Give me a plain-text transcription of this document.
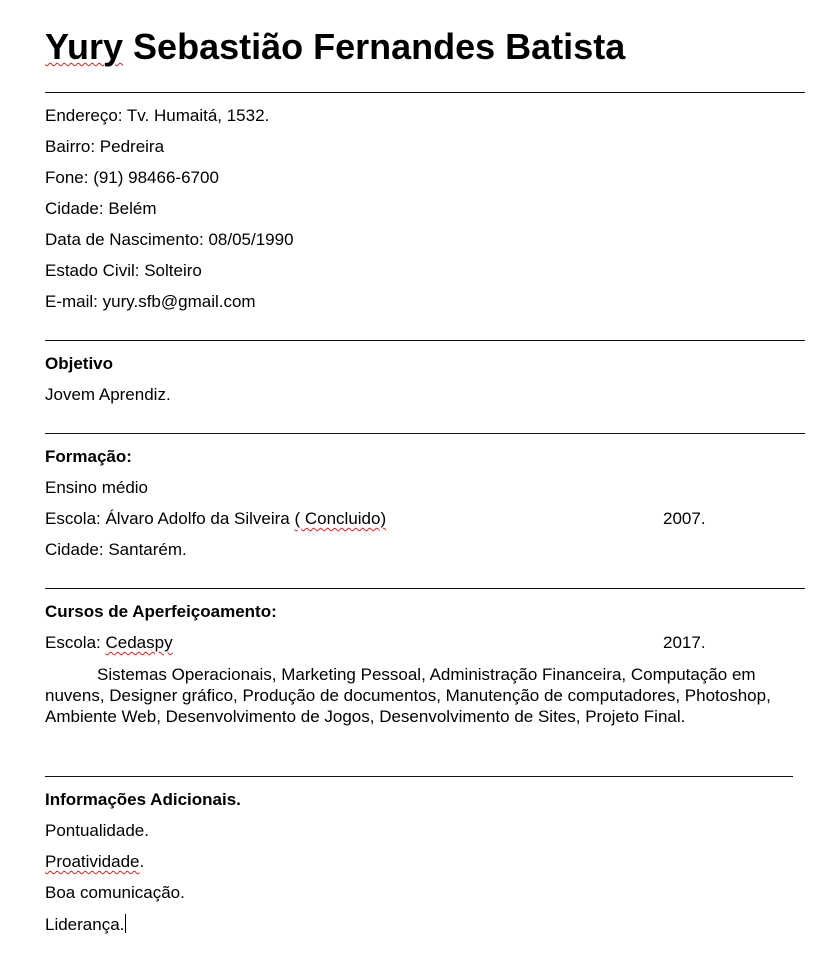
Yury Sebastião Fernandes Batista
Endereço: Tv. Humaitá, 1532.
Bairro: Pedreira
Fone: (91) 98466-6700
Cidade: Belém
Data de Nascimento: 08/05/1990
Estado Civil: Solteiro
E-mail: yury.sfb@gmail.com
Objetivo
Jovem Aprendiz.
Formação:
Ensino médio
Escola: Álvaro Adolfo da Silveira ( Concluido)	2007.
Cidade: Santarém.
Cursos de Aperfeiçoamento:
Escola: Cedaspy	2017.
Sistemas Operacionais, Marketing Pessoal, Administração Financeira, Computação em nuvens, Designer gráfico, Produção de documentos, Manutenção de computadores, Photoshop, Ambiente Web, Desenvolvimento de Jogos, Desenvolvimento de Sites, Projeto Final.
Informações Adicionais.
Pontualidade.
Proatividade.
Boa comunicação.
Liderança.
